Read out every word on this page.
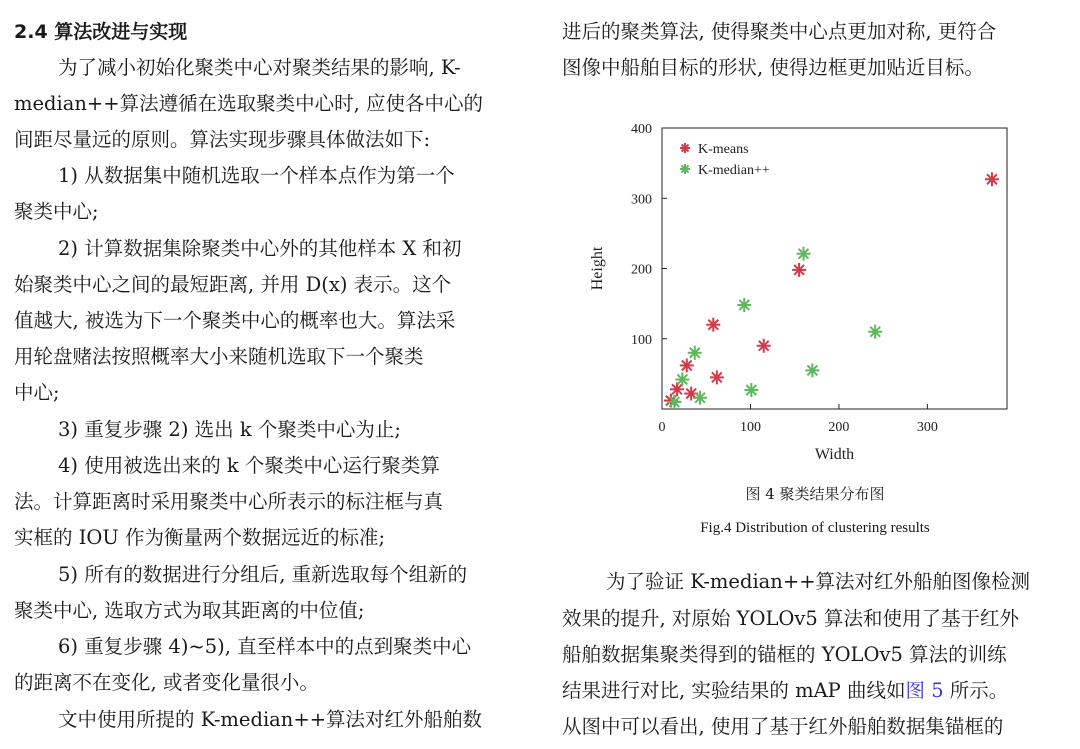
2.4 算法改进与实现
为了减小初始化聚类中心对聚类结果的影响, K-
median++算法遵循在选取聚类中心时, 应使各中心的
间距尽量远的原则。算法实现步骤具体做法如下:
1) 从数据集中随机选取一个样本点作为第一个
聚类中心;
2) 计算数据集除聚类中心外的其他样本 X 和初
始聚类中心之间的最短距离, 并用 D(x) 表示。这个
值越大, 被选为下一个聚类中心的概率也大。算法采
用轮盘赌法按照概率大小来随机选取下一个聚类
中心;
3) 重复步骤 2) 选出 k 个聚类中心为止;
4) 使用被选出来的 k 个聚类中心运行聚类算
法。计算距离时采用聚类中心所表示的标注框与真
实框的 IOU 作为衡量两个数据远近的标准;
5) 所有的数据进行分组后, 重新选取每个组新的
聚类中心, 选取方式为取其距离的中位值;
6) 重复步骤 4)~5), 直至样本中的点到聚类中心
的距离不在变化, 或者变化量很小。
文中使用所提的 K-median++算法对红外船舶数
进后的聚类算法, 使得聚类中心点更加对称, 更符合
图像中船舶目标的形状, 使得边框更加贴近目标。
0	100	200	300
100
200
300
400
Width
Height
K-means
K-median++
图 4 聚类结果分布图
Fig.4 Distribution of clustering results
为了验证 K-median++算法对红外船舶图像检测
效果的提升, 对原始 YOLOv5 算法和使用了基于红外
船舶数据集聚类得到的锚框的 YOLOv5 算法的训练
结果进行对比, 实验结果的 mAP 曲线如图 5 所示。
从图中可以看出, 使用了基于红外船舶数据集锚框的
